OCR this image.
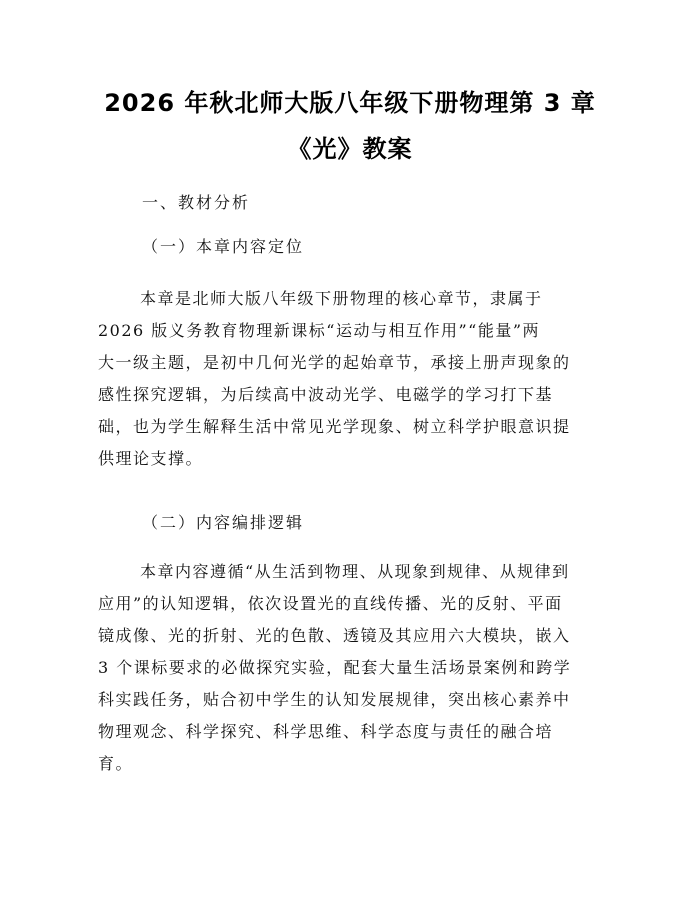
2026 年秋北师大版八年级下册物理第 3 章
《光》教案
一、教材分析
（一）本章内容定位
本章是北师大版八年级下册物理的核心章节，隶属于
2026 版义务教育物理新课标“运动与相互作用”“能量”两
大一级主题，是初中几何光学的起始章节，承接上册声现象的
感性探究逻辑，为后续高中波动光学、电磁学的学习打下基
础，也为学生解释生活中常见光学现象、树立科学护眼意识提
供理论支撑。
（二）内容编排逻辑
本章内容遵循“从生活到物理、从现象到规律、从规律到
应用”的认知逻辑，依次设置光的直线传播、光的反射、平面
镜成像、光的折射、光的色散、透镜及其应用六大模块，嵌入
3 个课标要求的必做探究实验，配套大量生活场景案例和跨学
科实践任务，贴合初中学生的认知发展规律，突出核心素养中
物理观念、科学探究、科学思维、科学态度与责任的融合培
育。
